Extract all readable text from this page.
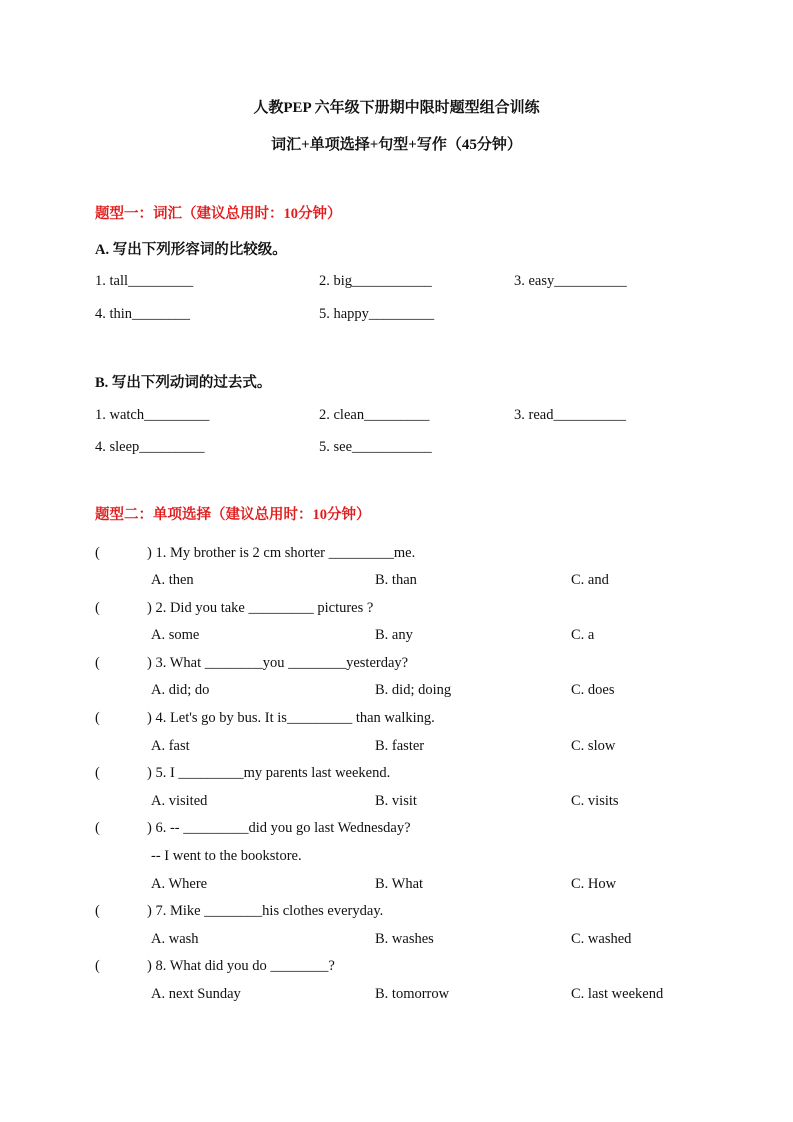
人教PEP 六年级下册期中限时题型组合训练
词汇+单项选择+句型+写作（45分钟）
题型一：词汇（建议总用时：10分钟）
A. 写出下列形容词的比较级。
1. tall_________	2. big___________	3. easy__________
4. thin________	5. happy_________
B. 写出下列动词的过去式。
1. watch_________	2. clean_________	3. read__________
4. sleep_________	5. see___________
题型二：单项选择（建议总用时：10分钟）
(	) 1. My brother is 2 cm shorter _________me.
A. then	B. than	C. and
(	) 2. Did you take _________ pictures ?
A. some	B. any	C. a
(	) 3. What ________you ________yesterday?
A. did; do	B. did; doing	C. does
(	) 4. Let's go by bus. It is_________ than walking.
A. fast	B. faster	C. slow
(	) 5. I _________my parents last weekend.
A. visited	B. visit	C. visits
(	) 6. -- _________did you go last Wednesday?
-- I went to the bookstore.
A. Where	B. What	C. How
(	) 7. Mike ________his clothes everyday.
A. wash	B. washes	C. washed
(	) 8. What did you do ________?
A. next Sunday	B. tomorrow	C. last weekend
